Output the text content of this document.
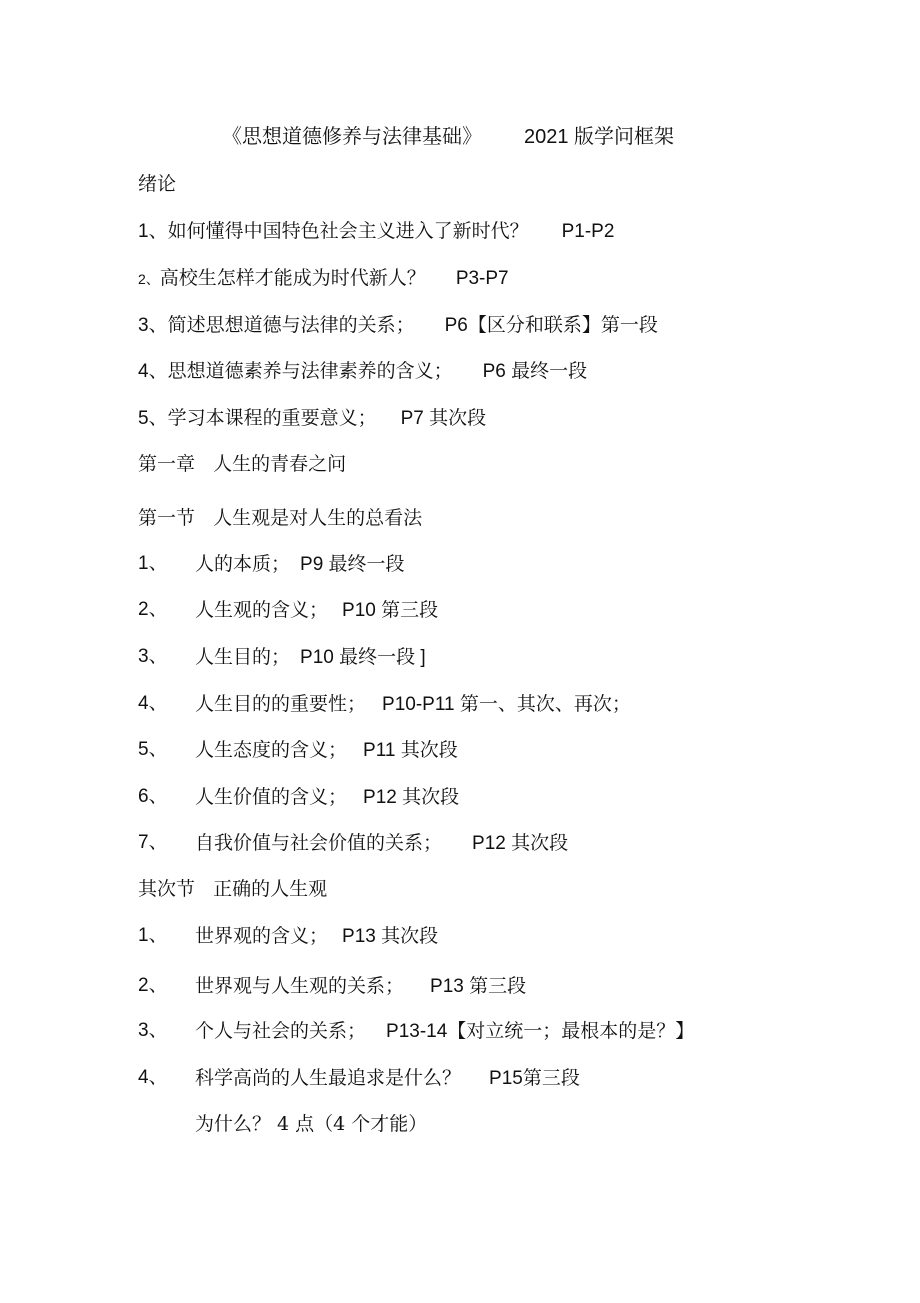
《思想道德修养与法律基础》 2021 版学问框架
绪论
1、如何懂得中国特色社会主义进入了新时代？ P1-P2
2、高校生怎样才能成为时代新人？ P3-P7
3、简述思想道德与法律的关系； P6【区分和联系】第一段
4、思想道德素养与法律素养的含义； P6 最终一段
5、学习本课程的重要意义； P7 其次段
第一章   人生的青春之问
第一节   人生观是对人生的总看法
1、 人的本质； P9 最终一段
2、 人生观的含义； P10 第三段
3、 人生目的； P10 最终一段 ]
4、 人生目的的重要性； P10-P11 第一、其次、再次；
5、 人生态度的含义； P11 其次段
6、 人生价值的含义； P12 其次段
7、 自我价值与社会价值的关系； P12 其次段
其次节   正确的人生观
1、 世界观的含义； P13 其次段
2、 世界观与人生观的关系； P13 第三段
3、 个人与社会的关系； P13-14【对立统一；最根本的是？】
4、 科学高尚的人生最追求是什么？ P15第三段
为什么？ 4 点（4 个才能）
